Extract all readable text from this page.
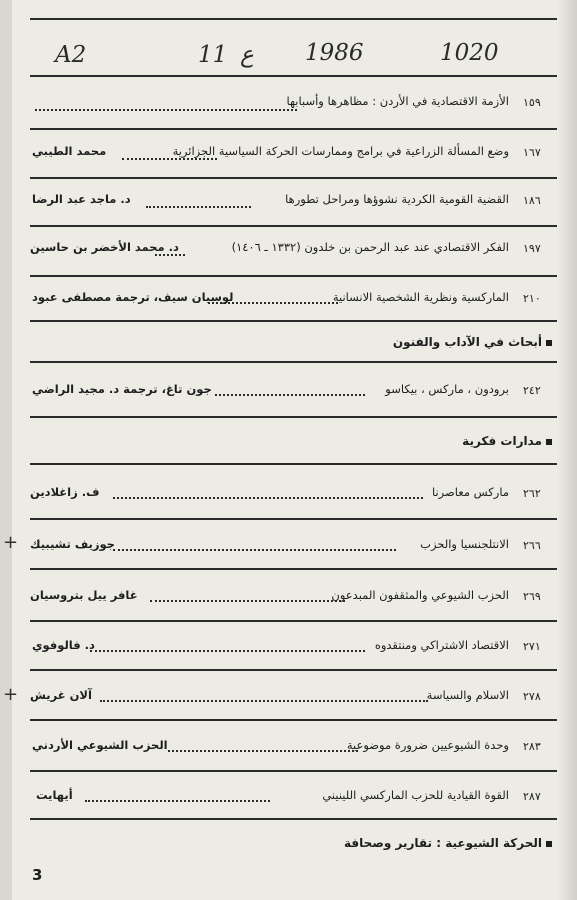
A2	11 ع 1986	1020
١٥٩
الأزمة الاقتصادية في الأردن : مظاهرها وأسبابها
١٦٧
وضع المسألة الزراعية في برامج وممارسات الحركة السياسية الجزائرية
محمد الطيبي
١٨٦
القضية القومية الكردية نشوؤها ومراحل تطورها
د. ماجد عبد الرضا
١٩٧
الفكر الاقتصادي عند عبد الرحمن بن خلدون (١٣٣٢ ـ ١٤٠٦)
د. محمد الأخضر بن حاسين
٢١٠
الماركسية ونظرية الشخصية الانسانية
لوسيان سيف، ترجمة مصطفى عبود
أبحاث في الآداب والفنون
٢٤٢
برودون ، ماركس ، بيكاسو
جون تاغ، ترجمة د. مجيد الراضي
مدارات فكرية
٢٦٢
ماركس معاصرنا
ف. زاغلادين
٢٦٦
الانتلجنسيا والحزب
جوزيف تشيبيك
+
٢٦٩
الحزب الشيوعي والمثقفون المبدعون
غافر ييل بتروسيان
٢٧١
الاقتصاد الاشتراكي ومنتقدوه
د. فالوفوي
٢٧٨
الاسلام والسياسة
آلان غريش
+
٢٨٣
وحدة الشيوعيين ضرورة موضوعية
الحزب الشيوعي الأردني
٢٨٧
القوة القيادية للحزب الماركسي اللينيني
أيهايت
الحركة الشيوعية : تقارير وصحافة
3
